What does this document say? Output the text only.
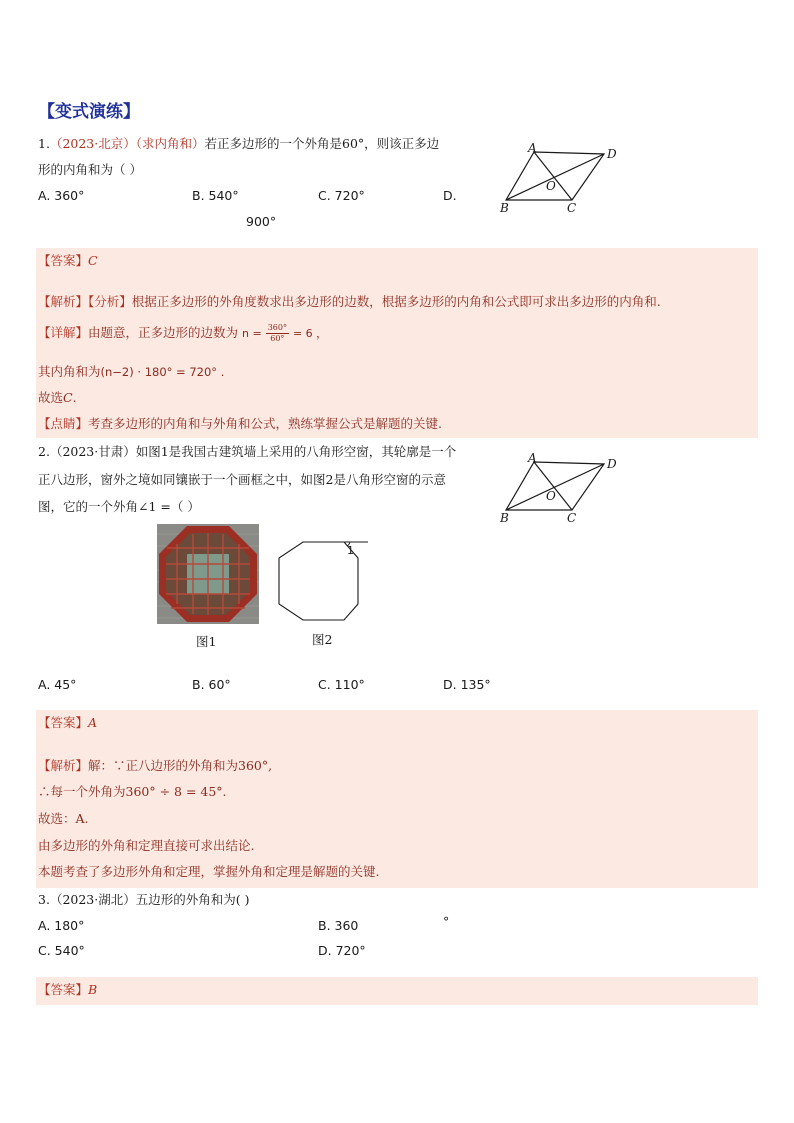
【变式演练】
1.（2023·北京）（求内角和）若正多边形的一个外角是60°，则该正多边
形的内角和为（ ）
A. 360°	B. 540°	C. 720°	D.
900°
A	D
B	C
O
【答案】C
【解析】【分析】根据正多边形的外角度数求出多边形的边数，根据多边形的内角和公式即可求出多边形的内角和.
【详解】由题意，正多边形的边数为 $n = \frac{360^\circ}{60^\circ} = 6$ ，
其内角和为(n−2) · 180° = 720° .
故选C.
【点睛】考查多边形的内角和与外角和公式，熟练掌握公式是解题的关键.
2.（2023·甘肃）如图1是我国古建筑墙上采用的八角形空窗，其轮廓是一个
正八边形，窗外之境如同镶嵌于一个画框之中，如图2是八角形空窗的示意
图，它的一个外角∠1 =（ ）
A	D
B	C
O
图1
1
图2
A. 45°	B. 60°	C. 110°	D. 135°
【答案】A
【解析】解：∵正八边形的外角和为360°,
∴每一个外角为360° ÷ 8 = 45°.
故选：A.
由多边形的外角和定理直接可求出结论.
本题考查了多边形外角和定理，掌握外角和定理是解题的关键.
3.（2023·湖北）五边形的外角和为( )
A. 180°	B. 360	°
C. 540°	D. 720°
【答案】B
